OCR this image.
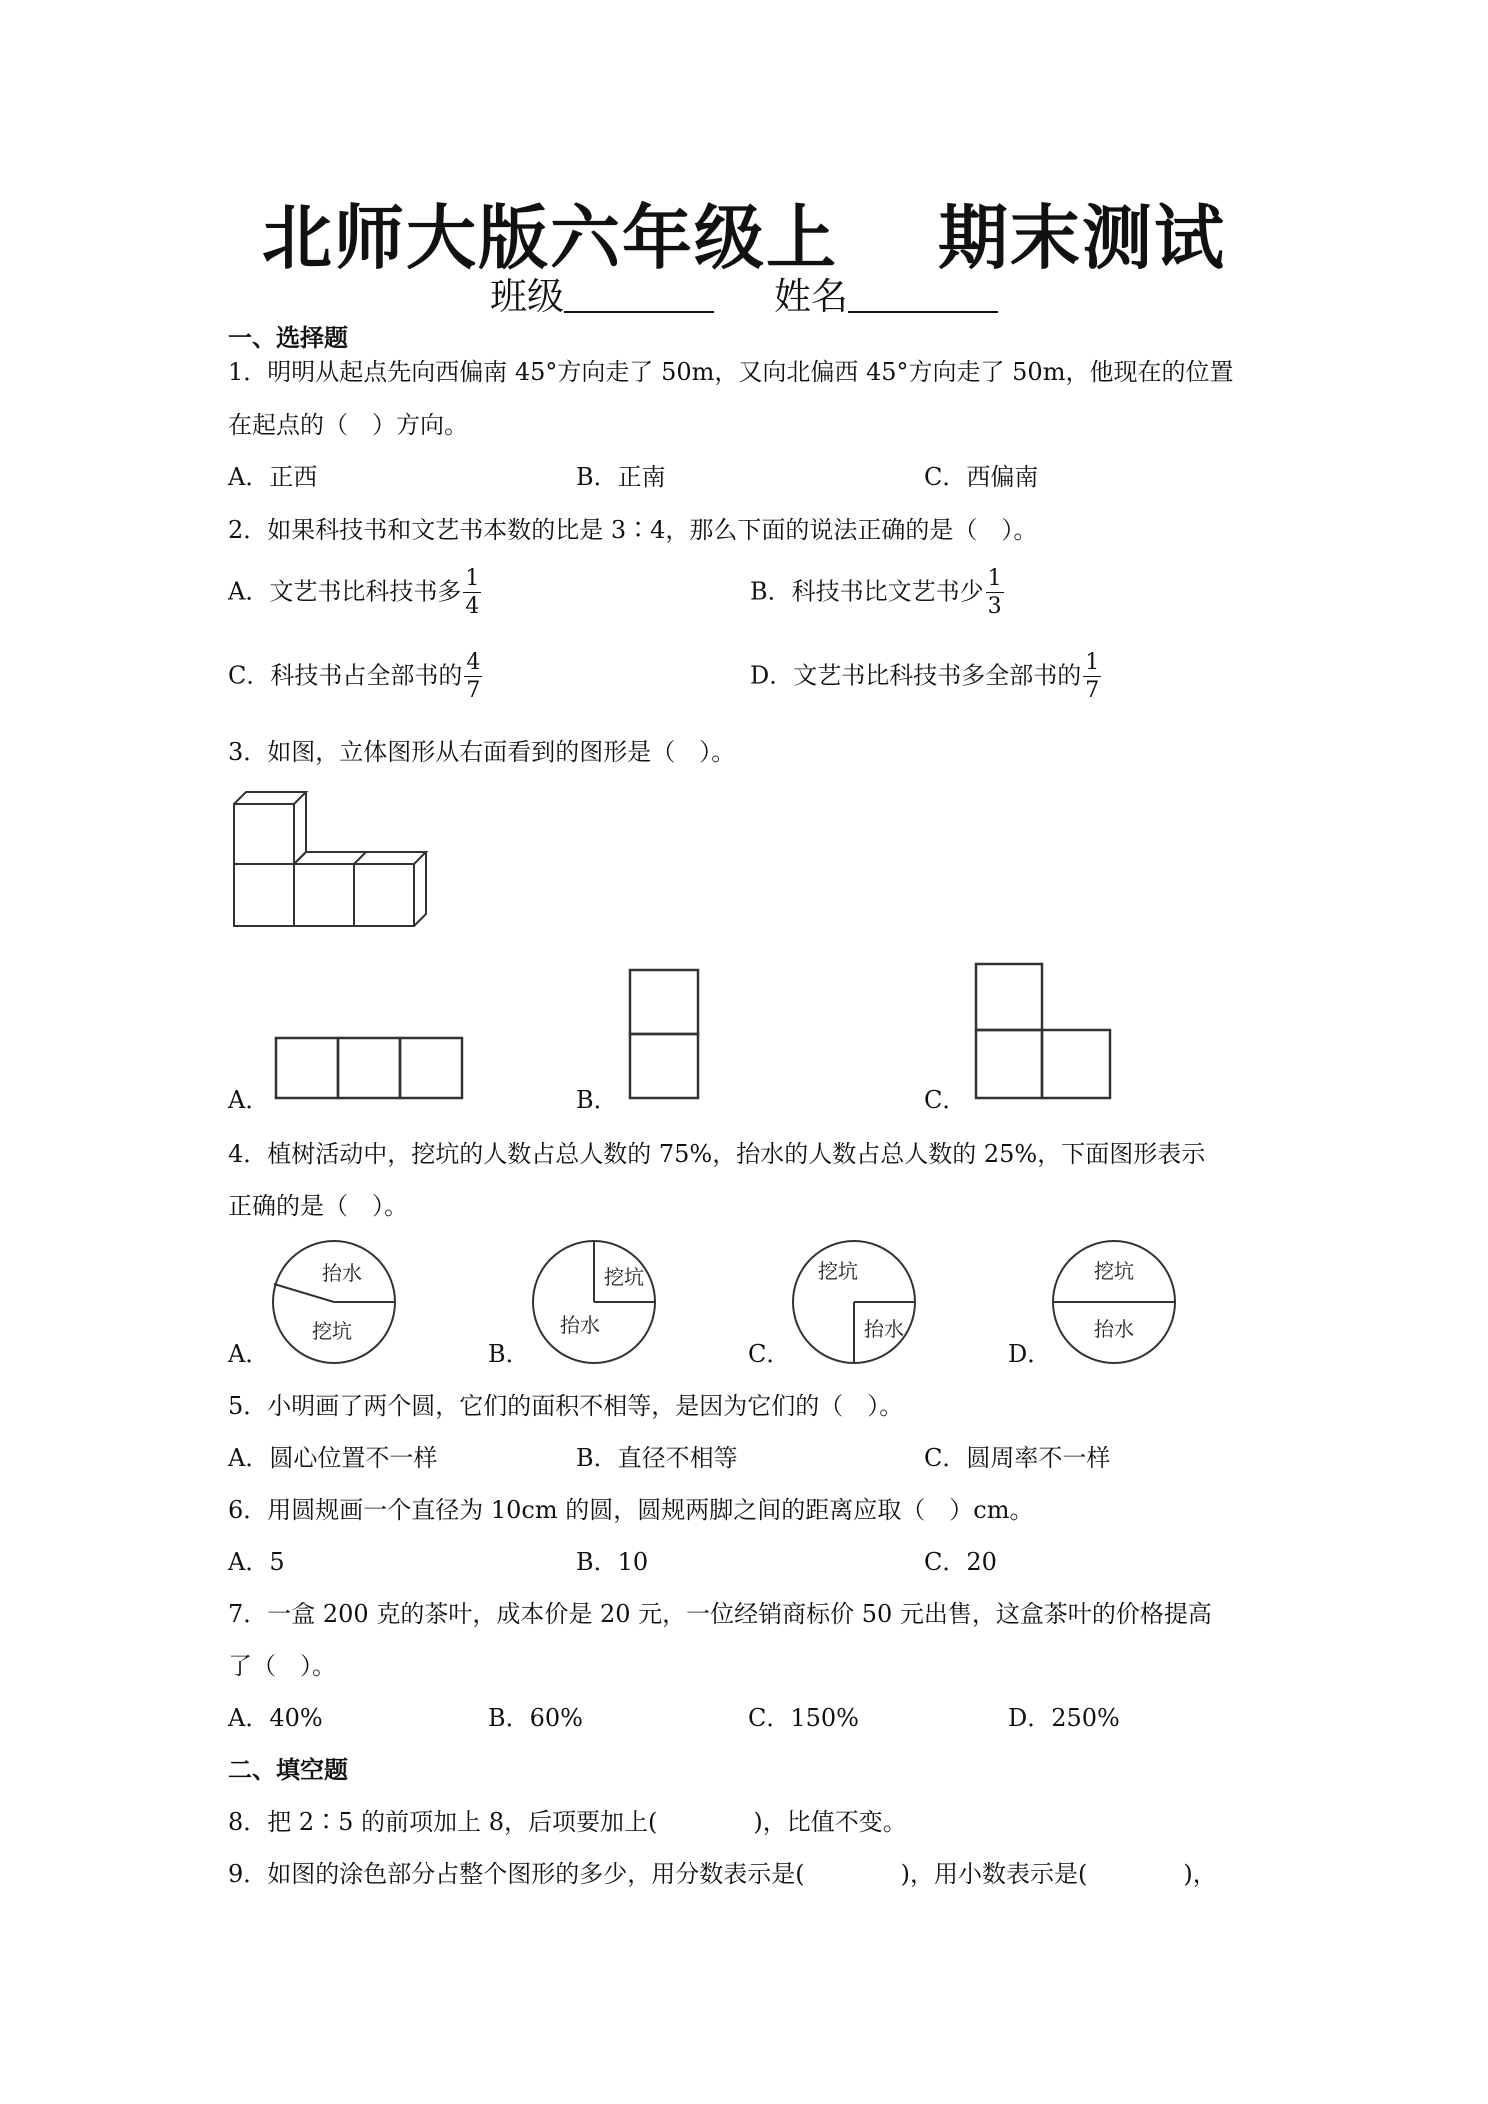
北师大版六年级上 期末测试
班级	姓名
一、选择题
1．明明从起点先向西偏南 45°方向走了 50m，又向北偏西 45°方向走了 50m，他现在的位置
在起点的（　）方向。
A．正西	B．正南	C．西偏南
2．如果科技书和文艺书本数的比是 3∶4，那么下面的说法正确的是（　）。
A．文艺书比科技书多 $\frac{1}{4}$	B．科技书比文艺书少 $\frac{1}{3}$
C．科技书占全部书的 $\frac{4}{7}$	D．文艺书比科技书多全部书的 $\frac{1}{7}$
3．如图，立体图形从右面看到的图形是（　）。
A．	B．	C．
4．植树活动中，挖坑的人数占总人数的 75%，抬水的人数占总人数的 25%，下面图形表示
正确的是（　）。
A．
抬水
挖坑
B．
挖坑
抬水
C．
挖坑
抬水
D．
挖坑
抬水
5．小明画了两个圆，它们的面积不相等，是因为它们的（　）。
A．圆心位置不一样	B．直径不相等	C．圆周率不一样
6．用圆规画一个直径为 10cm 的圆，圆规两脚之间的距离应取（　）cm。
A．5	B．10	C．20
7．一盒 200 克的茶叶，成本价是 20 元，一位经销商标价 50 元出售，这盒茶叶的价格提高
了（　）。
A．40%	B．60%	C．150%	D．250%
二、填空题
8．把 2∶5 的前项加上 8，后项要加上(　　　　)，比值不变。
9．如图的涂色部分占整个图形的多少，用分数表示是(　　　　)，用小数表示是(　　　　)，
